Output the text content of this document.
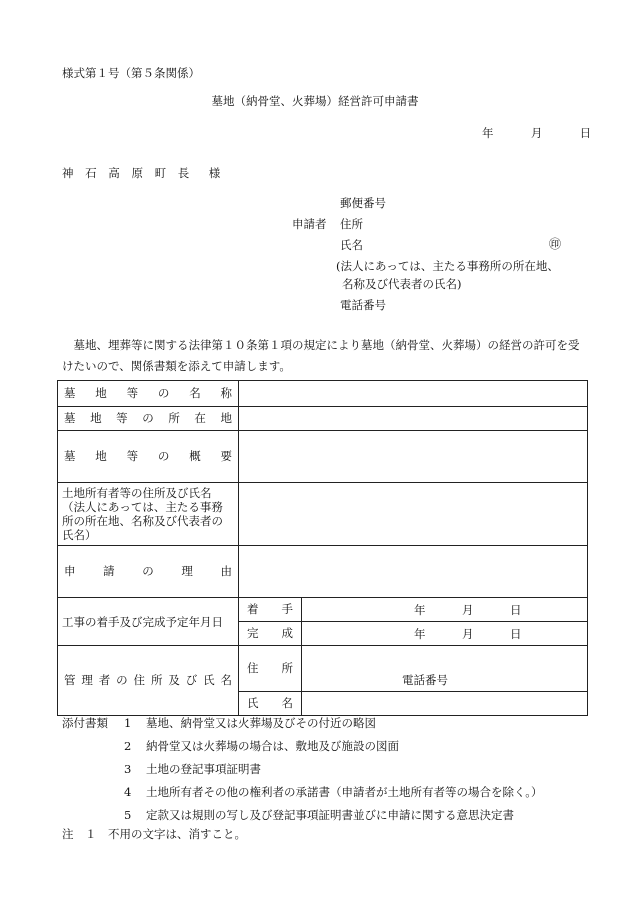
様式第１号（第５条関係）
墓地（納骨堂、火葬場）経営許可申請書
年	月	日
神 石 高 原 町 長　様
郵便番号
申請者 住所
氏名	㊞
(法人にあっては、主たる事務所の所在地、
名称及び代表者の氏名)
電話番号
墓地、埋葬等に関する法律第１０条第１項の規定により墓地（納骨堂、火葬場）の経営の許可を受けたいので、関係書類を添えて申請します。
墓地等の名称		
墓地等の所在地		
墓地等の概要		
土地所有者等の住所及び氏名（法人にあっては、主たる事務所の所在地、名称及び代表者の氏名）		
申請の理由		
工事の着手及び完成予定年月日	着　手	年 月 日

	完　成	年 月 日

管理者の住所及び氏名	住　所	電話番号

	氏　名	
添付書類 1 墓地、納骨堂又は火葬場及びその付近の略図
2 納骨堂又は火葬場の場合は、敷地及び施設の図面
3 土地の登記事項証明書
4 土地所有者その他の権利者の承諾書（申請者が土地所有者等の場合を除く。）
5 定款又は規則の写し及び登記事項証明書並びに申請に関する意思決定書
注　１　不用の文字は、消すこと。
